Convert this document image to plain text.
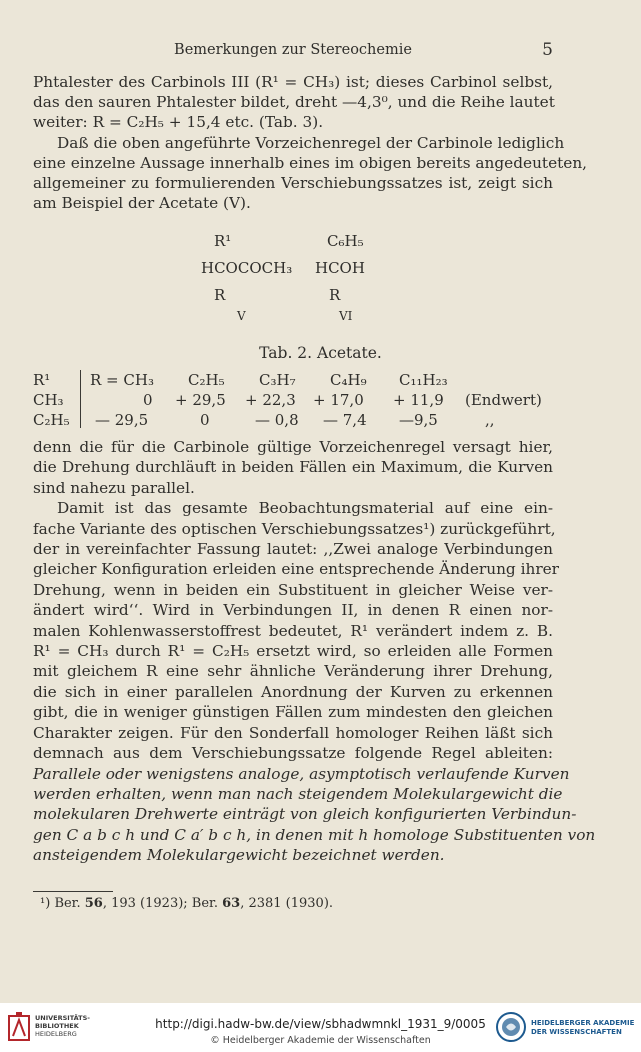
Bemerkungen zur Stereochemie	5
Phtalester des Carbinols III (R¹ = CH₃) ist; dieses Carbinol selbst,
das den sauren Phtalester bildet, dreht —4,3⁰, und die Reihe lautet
weiter: R = C₂H₅ + 15,4 etc. (Tab. 3).
Daß die oben angeführte Vorzeichenregel der Carbinole lediglich
eine einzelne Aussage innerhalb eines im obigen bereits angedeuteten,
allgemeiner zu formulierenden Verschiebungssatzes ist, zeigt sich
am Beispiel der Acetate (V).
R¹
HCOCOCH₃
R
V
C₆H₅
HCOH
R
VI
Tab. 2. Acetate.
R¹	R = CH₃ C₂H₅ C₃H₇ C₄H₉ C₁₁H₂₃
CH₃	0 + 29,5 + 22,3 + 17,0 + 11,9 (Endwert)
C₂H₅ — 29,5	0	— 0,8 — 7,4 —9,5	,,
denn die für die Carbinole gültige Vorzeichenregel versagt hier,
die Drehung durchläuft in beiden Fällen ein Maximum, die Kurven
sind nahezu parallel.
Damit ist das gesamte Beobachtungsmaterial auf eine ein-
fache Variante des optischen Verschiebungssatzes¹) zurückgeführt,
der in vereinfachter Fassung lautet: ,,Zwei analoge Verbindungen
gleicher Konfiguration erleiden eine entsprechende Änderung ihrer
Drehung, wenn in beiden ein Substituent in gleicher Weise ver-
ändert wird‘‘. Wird in Verbindungen II, in denen R einen nor-
malen Kohlenwasserstoffrest bedeutet, R¹ verändert indem z. B.
R¹ = CH₃ durch R¹ = C₂H₅ ersetzt wird, so erleiden alle Formen
mit gleichem R eine sehr ähnliche Veränderung ihrer Drehung,
die sich in einer parallelen Anordnung der Kurven zu erkennen
gibt, die in weniger günstigen Fällen zum mindesten den gleichen
Charakter zeigen. Für den Sonderfall homologer Reihen läßt sich
demnach aus dem Verschiebungssatze folgende Regel ableiten:
Parallele oder wenigstens analoge, asymptotisch verlaufende Kurven
werden erhalten, wenn man nach steigendem Molekulargewicht die
molekularen Drehwerte einträgt von gleich konfigurierten Verbindun-
gen C a b c h und C a′ b c h, in denen mit h homologe Substituenten von
ansteigendem Molekulargewicht bezeichnet werden.
¹) Ber. 56, 193 (1923); Ber. 63, 2381 (1930).
UNIVERSITÄTS-
BIBLIOTHEK
HEIDELBERG
http://digi.hadw-bw.de/view/sbhadwmnkl_1931_9/0005
© Heidelberger Akademie der Wissenschaften
HEIDELBERGER AKADEMIE
DER WISSENSCHAFTEN
